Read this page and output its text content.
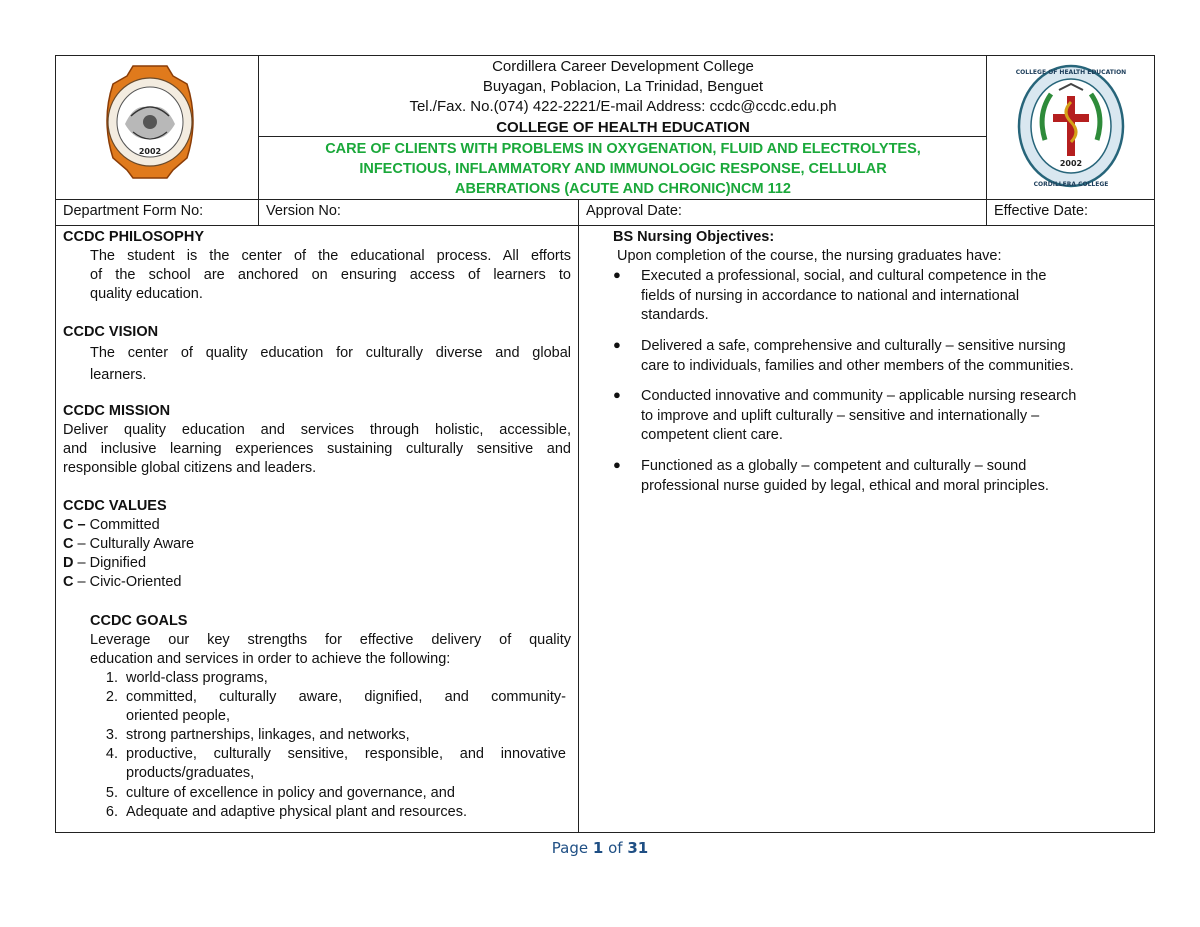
2002
2002
COLLEGE OF HEALTH EDUCATION
CORDILLERA COLLEGE
Cordillera Career Development College
Buyagan, Poblacion, La Trinidad, Benguet
Tel./Fax. No.(074) 422-2221/E-mail Address: ccdc@ccdc.edu.ph
COLLEGE OF HEALTH EDUCATION
CARE OF CLIENTS WITH PROBLEMS IN OXYGENATION, FLUID AND ELECTROLYTES,
INFECTIOUS, INFLAMMATORY AND IMMUNOLOGIC RESPONSE, CELLULAR
ABERRATIONS (ACUTE AND CHRONIC)NCM 112
Department Form No:	Version No:	Approval Date:	Effective Date:
CCDC PHILOSOPHY
The student is the center of the educational process. All efforts
of the school are anchored on ensuring access of learners to
quality education.
CCDC VISION
The center of quality education for culturally diverse and global
learners.
CCDC MISSION
Deliver quality education and services through holistic, accessible,
and inclusive learning experiences sustaining culturally sensitive and
responsible global citizens and leaders.
CCDC VALUES
C – Committed
C – Culturally Aware
D – Dignified
C – Civic-Oriented
CCDC GOALS
Leverage our key strengths for effective delivery of quality
education and services in order to achieve the following:
1. world-class programs,
2. committed, culturally aware, dignified, and community-
oriented people,
3. strong partnerships, linkages, and networks,
4. productive, culturally sensitive, responsible, and innovative
products/graduates,
5. culture of excellence in policy and governance, and
6. Adequate and adaptive physical plant and resources.
BS Nursing Objectives:
Upon completion of the course, the nursing graduates have:
● Executed a professional, social, and cultural competence in the
fields of nursing in accordance to national and international
standards.
● Delivered a safe, comprehensive and culturally – sensitive nursing
care to individuals, families and other members of the communities.
● Conducted innovative and community – applicable nursing research
to improve and uplift culturally – sensitive and internationally –
competent client care.
● Functioned as a globally – competent and culturally – sound
professional nurse guided by legal, ethical and moral principles.
Page 1 of 31
